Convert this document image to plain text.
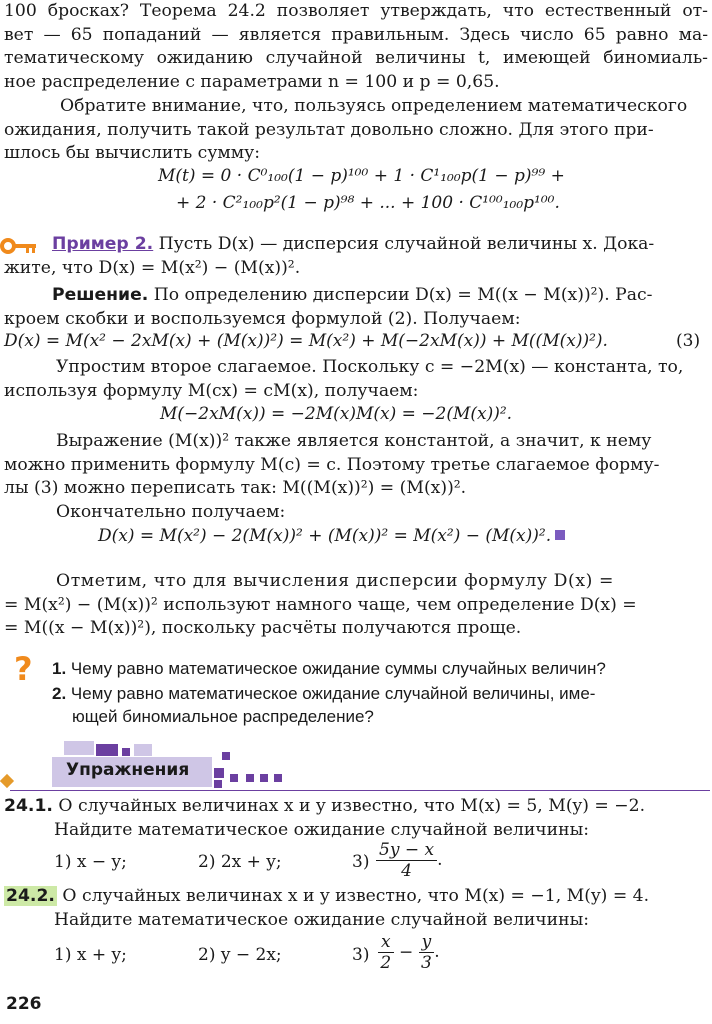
100 бросках? Теорема 24.2 позволяет утверждать, что естественный от-
вет — 65 попаданий — является правильным. Здесь число 65 равно ма-
тематическому ожиданию случайной величины t, имеющей биномиаль-
ное распределение с параметрами n = 100 и p = 0,65.
Обратите внимание, что, пользуясь определением математического
ожидания, получить такой результат довольно сложно. Для этого при-
шлось бы вычислить сумму:
M(t) = 0 · C⁰₁₀₀(1 − p)¹⁰⁰ + 1 · C¹₁₀₀p(1 − p)⁹⁹ +
+ 2 · C²₁₀₀p²(1 − p)⁹⁸ + ... + 100 · C¹⁰⁰₁₀₀p¹⁰⁰.
Пример 2. Пусть D(x) — дисперсия случайной величины x. Дока-
жите, что D(x) = M(x²) − (M(x))².
Решение. По определению дисперсии D(x) = M((x − M(x))²). Рас-
кроем скобки и воспользуемся формулой (2). Получаем:
D(x) = M(x² − 2xM(x) + (M(x))²) = M(x²) + M(−2xM(x)) + M((M(x))²).	(3)
Упростим второе слагаемое. Поскольку c = −2M(x) — константа, то,
используя формулу M(cx) = cM(x), получаем:
M(−2xM(x)) = −2M(x)M(x) = −2(M(x))².
Выражение (M(x))² также является константой, а значит, к нему
можно применить формулу M(c) = c. Поэтому третье слагаемое форму-
лы (3) можно переписать так: M((M(x))²) = (M(x))².
Окончательно получаем:
D(x) = M(x²) − 2(M(x))² + (M(x))² = M(x²) − (M(x))².
Отметим, что для вычисления дисперсии формулу D(x) =
= M(x²) − (M(x))² используют намного чаще, чем определение D(x) =
= M((x − M(x))²), поскольку расчёты получаются проще.
? 1. Чему равно математическое ожидание суммы случайных величин?
2. Чему равно математическое ожидание случайной величины, име-
ющей биномиальное распределение?
Упражнения
24.1. О случайных величинах x и y известно, что M(x) = 5, M(y) = −2.
Найдите математическое ожидание случайной величины:
1) x − y;	2) 2x + y;	$3) \frac{5y - x}{4}$ .
24.2. О случайных величинах x и y известно, что M(x) = −1, M(y) = 4.
Найдите математическое ожидание случайной величины:
1) x + y;	2) y − 2x;	$3) \frac{x}{2} - \frac{y}{3}$ .
226
